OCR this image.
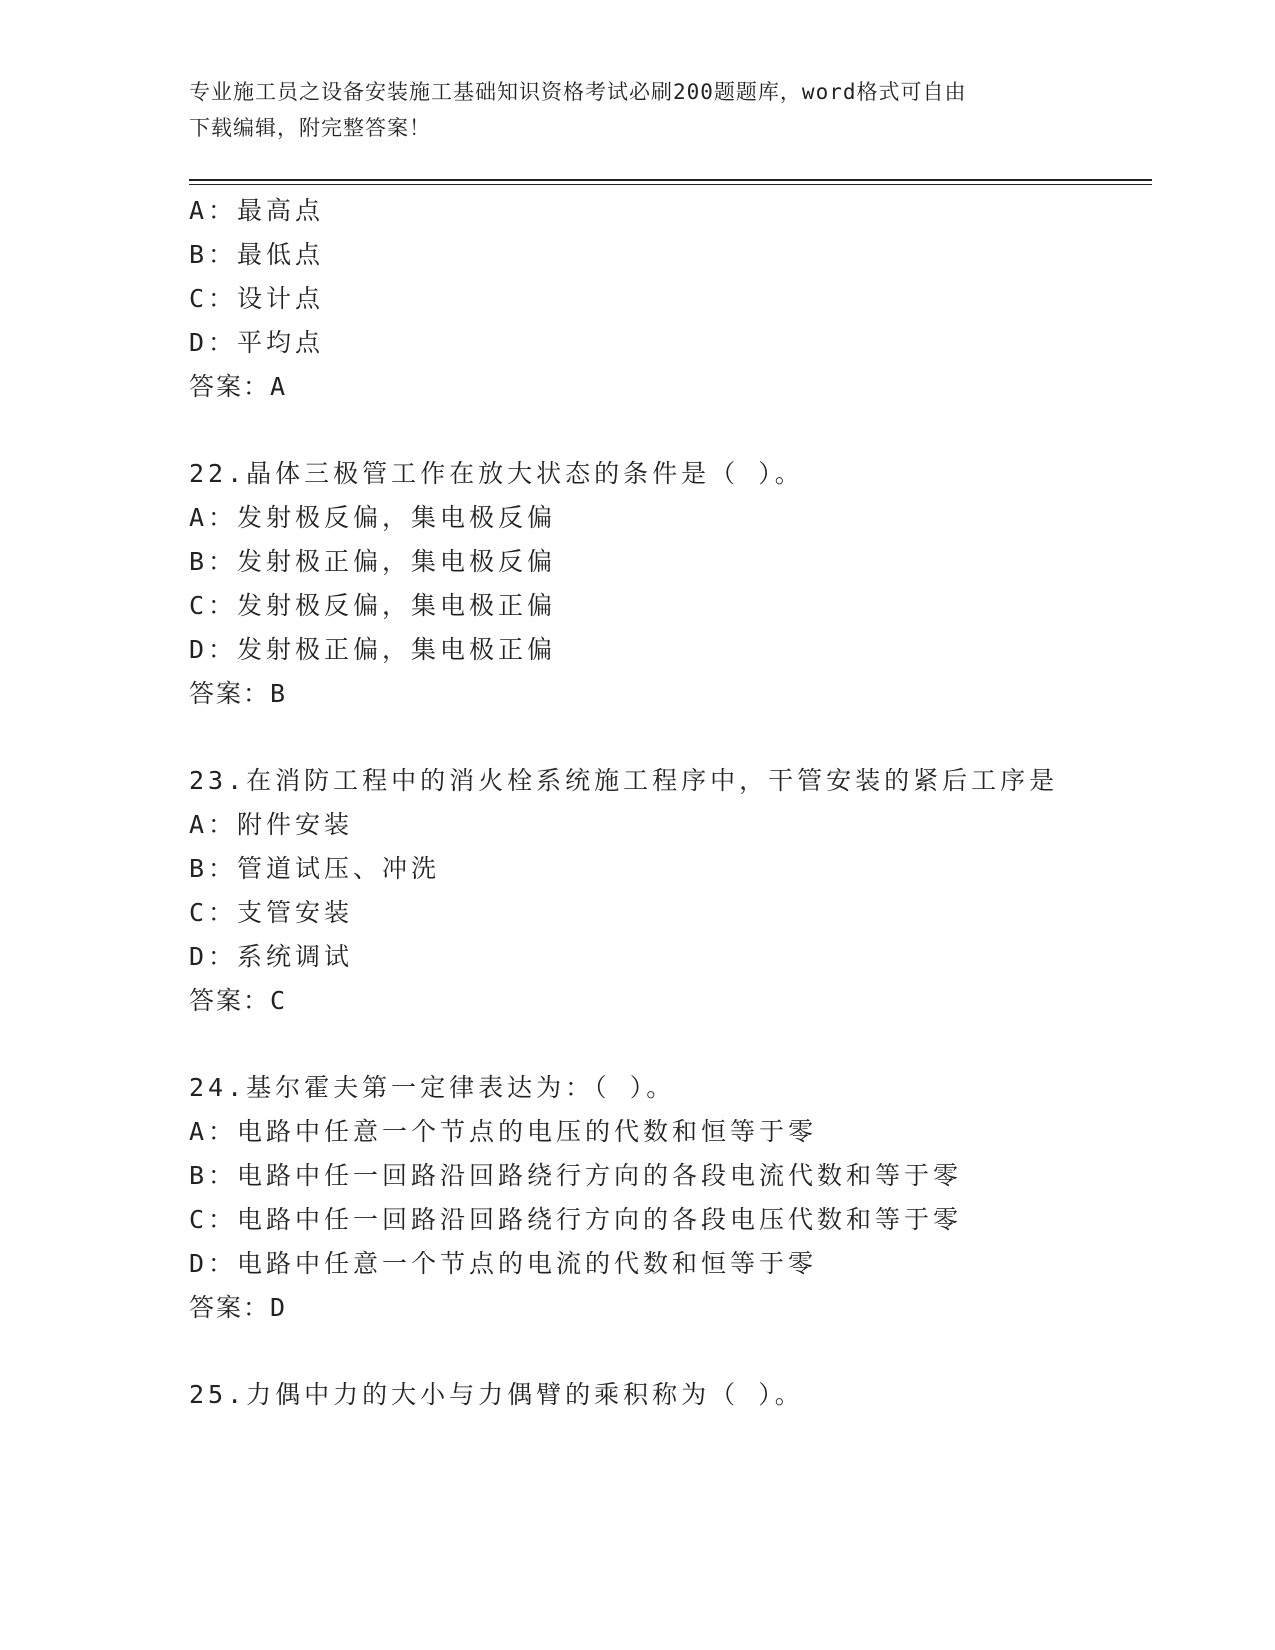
专业施工员之设备安装施工基础知识资格考试必刷200题题库，word格式可自由
下载编辑，附完整答案！
A：最高点
B：最低点
C：设计点
D：平均点
答案：A
22.晶体三极管工作在放大状态的条件是（ ）。
A：发射极反偏，集电极反偏
B：发射极正偏，集电极反偏
C：发射极反偏，集电极正偏
D：发射极正偏，集电极正偏
答案：B
23.在消防工程中的消火栓系统施工程序中，干管安装的紧后工序是
A：附件安装
B：管道试压、冲洗
C：支管安装
D：系统调试
答案：C
24.基尔霍夫第一定律表达为：（ ）。
A：电路中任意一个节点的电压的代数和恒等于零
B：电路中任一回路沿回路绕行方向的各段电流代数和等于零
C：电路中任一回路沿回路绕行方向的各段电压代数和等于零
D：电路中任意一个节点的电流的代数和恒等于零
答案：D
25.力偶中力的大小与力偶臂的乘积称为（ ）。
